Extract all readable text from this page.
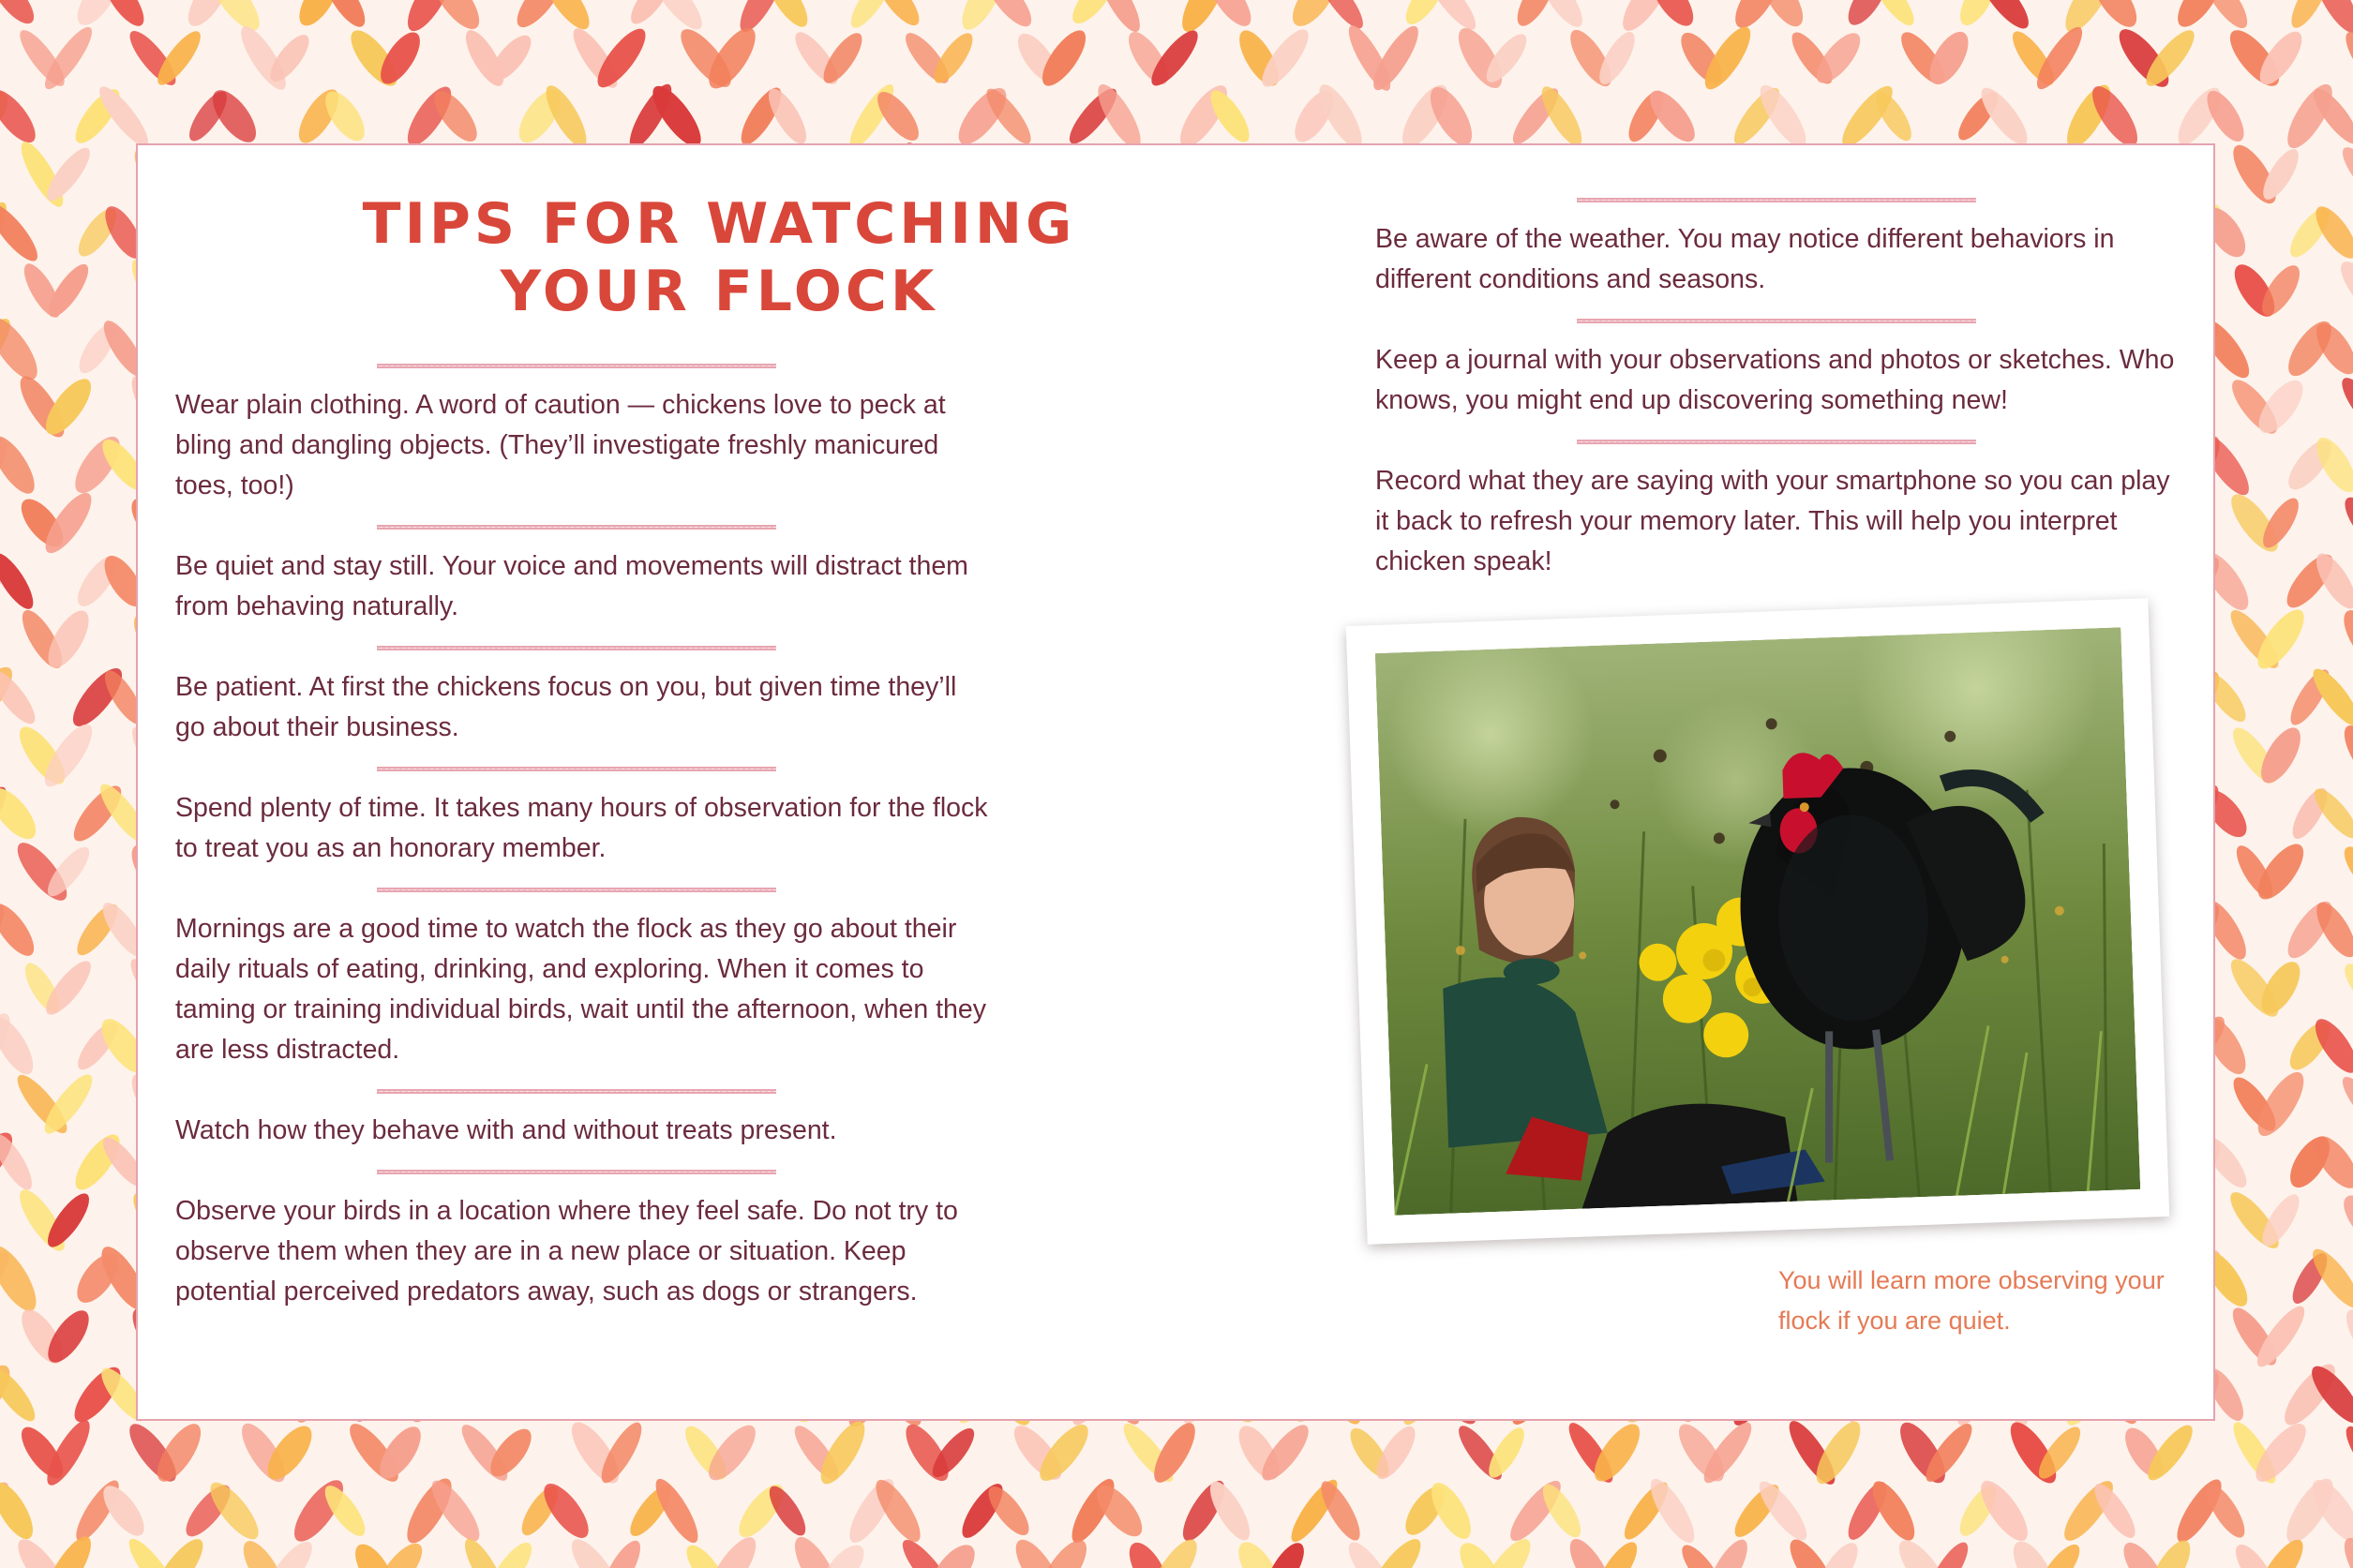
TIPS FOR WATCHING YOUR FLOCK

Wear plain clothing. A word of caution — chickens love to peck at bling and dangling objects. (They’ll investigate freshly manicured toes, too!)

Be quiet and stay still. Your voice and movements will distract them from behaving naturally.

Be patient. At first the chickens focus on you, but given time they’ll go about their business.

Spend plenty of time. It takes many hours of observation for the flock to treat you as an honorary member.

Mornings are a good time to watch the flock as they go about their daily rituals of eating, drinking, and exploring. When it comes to taming or training individual birds, wait until the afternoon, when they are less distracted.

Watch how they behave with and without treats present.

Observe your birds in a location where they feel safe. Do not try to observe them when they are in a new place or situation. Keep potential perceived predators away, such as dogs or strangers.

Be aware of the weather. You may notice different behaviors in different conditions and seasons.

Keep a journal with your observations and photos or sketches. Who knows, you might end up discovering something new!

Record what they are saying with your smartphone so you can play it back to refresh your memory later. This will help you interpret chicken speak!

You will learn more observing your flock if you are quiet.
